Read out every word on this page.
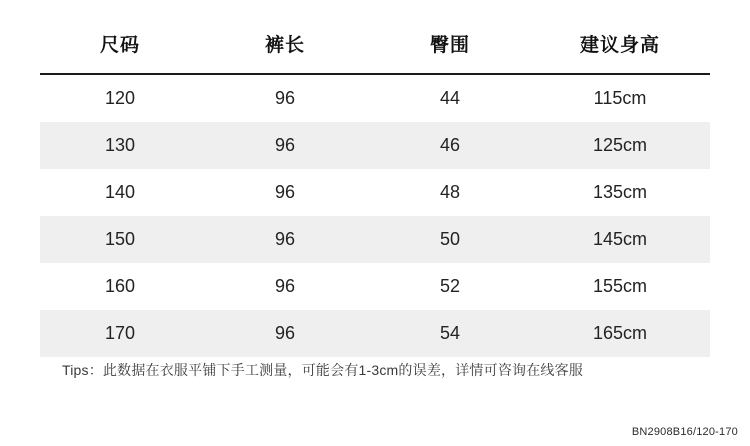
尺码	裤长	臀围	建议身高
120	96	44	115cm
130	96	46	125cm
140	96	48	135cm
150	96	50	145cm
160	96	52	155cm
170	96	54	165cm
Tips：此数据在衣服平铺下手工测量，可能会有1-3cm的误差，详情可咨询在线客服
BN2908B16/120-170
